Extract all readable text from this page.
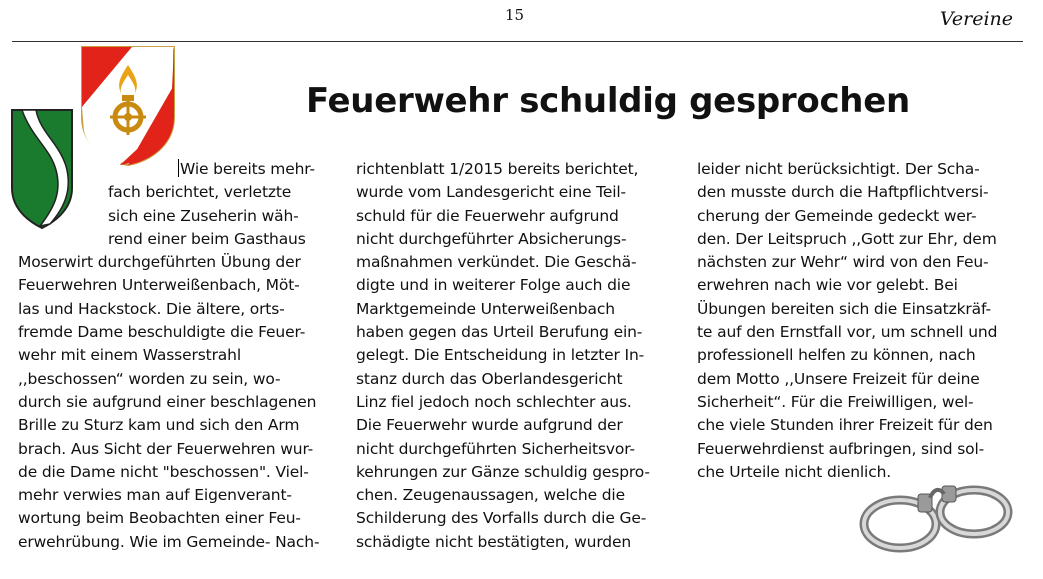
15	Vereine
Feuerwehr schuldig gesprochen
Wie bereits mehr-
fach berichtet, verletzte
sich eine Zuseherin wäh-
rend einer beim Gasthaus
Moserwirt durchgeführten Übung der
Feuerwehren Unterweißenbach, Möt-
las und Hackstock. Die ältere, orts-
fremde Dame beschuldigte die Feuer-
wehr mit einem Wasserstrahl
,,beschossen“ worden zu sein, wo-
durch sie aufgrund einer beschlagenen
Brille zu Sturz kam und sich den Arm
brach. Aus Sicht der Feuerwehren wur-
de die Dame nicht "beschossen". Viel-
mehr verwies man auf Eigenverant-
wortung beim Beobachten einer Feu-
erwehrübung. Wie im Gemeinde- Nach-
richtenblatt 1/2015 bereits berichtet,
wurde vom Landesgericht eine Teil-
schuld für die Feuerwehr aufgrund
nicht durchgeführter Absicherungs-
maßnahmen verkündet. Die Geschä-
digte und in weiterer Folge auch die
Marktgemeinde Unterweißenbach
haben gegen das Urteil Berufung ein-
gelegt. Die Entscheidung in letzter In-
stanz durch das Oberlandesgericht
Linz fiel jedoch noch schlechter aus.
Die Feuerwehr wurde aufgrund der
nicht durchgeführten Sicherheitsvor-
kehrungen zur Gänze schuldig gespro-
chen. Zeugenaussagen, welche die
Schilderung des Vorfalls durch die Ge-
schädigte nicht bestätigten, wurden
leider nicht berücksichtigt. Der Scha-
den musste durch die Haftpflichtversi-
cherung der Gemeinde gedeckt wer-
den. Der Leitspruch ,,Gott zur Ehr, dem
nächsten zur Wehr“ wird von den Feu-
erwehren nach wie vor gelebt. Bei
Übungen bereiten sich die Einsatzkräf-
te auf den Ernstfall vor, um schnell und
professionell helfen zu können, nach
dem Motto ,,Unsere Freizeit für deine
Sicherheit“. Für die Freiwilligen, wel-
che viele Stunden ihrer Freizeit für den
Feuerwehrdienst aufbringen, sind sol-
che Urteile nicht dienlich.
